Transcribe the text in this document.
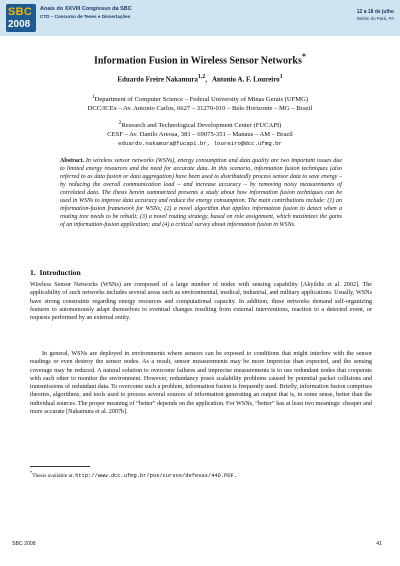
SBC
2008
Anais do XXVIII Congresso da SBC
CTD – Concurso de Teses e Dissertações
12 a 18 de julho
Belém do Pará, PA
Information Fusion in Wireless Sensor Networks*
Eduardo Freire Nakamura$^{1,2}$,   Antonio A. F. Loureiro$^1$
$^1$Department of Computer Science – Federal University of Minas Gerais (UFMG)
DCC/ICEx – Av. Antonio Carlos, 6627 – 31270-010 – Belo Horizonte – MG – Brazil
$^2$Research and Technological Development Center (FUCAPI)
CESF – Av. Danilo Areosa, 381 – 69075-351 – Manaus – AM – Brazil
eduardo.nakamura@fucapi.br, loureiro@dcc.ufmg.br
Abstract. In wireless sensor networks (WSNs), energy consumption and data quality are two important issues due to limited energy resources and the need for accurate data. In this scenario, information fusion techniques (also referred to as data fusion or data aggregation) have been used to distributedly process sensor data to save energy – by reducing the overall communication load – and increase accuracy – by removing noisy measurements of correlated data. The thesis herein summarized presents a study about how information fusion techniques can be used in WSNs to improve data accuracy and reduce the energy consumption. The main contributions include: (1) an information-fusion framework for WSNs; (2) a novel algorithm that applies information fusion to detect when a routing tree needs to be rebuilt; (3) a novel routing strategy, based on role assignment, which maximizes the gains of an information-fusion application; and (4) a critical survey about information fusion in WSNs.
1. Introduction
Wireless Sensor Networks (WSNs) are composed of a large number of nodes with sensing capability [Akyildiz et al. 2002]. The applicability of such networks includes several areas such as environmental, medical, industrial, and military applications. Usually, WSNs have strong constraints regarding energy resources and computational capacity. In addition, these networks demand self-organizing features to autonomously adapt themselves to eventual changes resulting from external interventions, reaction to a detected event, or requests performed by an external entity.
In general, WSNs are deployed in environments where sensors can be exposed to conditions that might interfere with the sensor readings or even destroy the sensor nodes. As a result, sensor measurements may be more imprecise than expected, and the sensing coverage may be reduced. A natural solution to overcome failures and imprecise measurements is to use redundant nodes that cooperate with each other to monitor the environment. However, redundancy poses scalability problems caused by potential packet collisions and transmissions of redundant data. To overcome such a problem, information fusion is frequently used. Briefly, information fusion comprises theories, algorithms, and tools used to process several sources of information generating an output that is, in some sense, better than the individual sources. The proper meaning of “better” depends on the application. For WSNs, “better” has at least two meanings: cheaper and more accurate [Nakamura et al. 2007b].
*Thesis available at: http://www.dcc.ufmg.br/pos/cursos/defesas/44D.PDF.
SBC 2008	41
